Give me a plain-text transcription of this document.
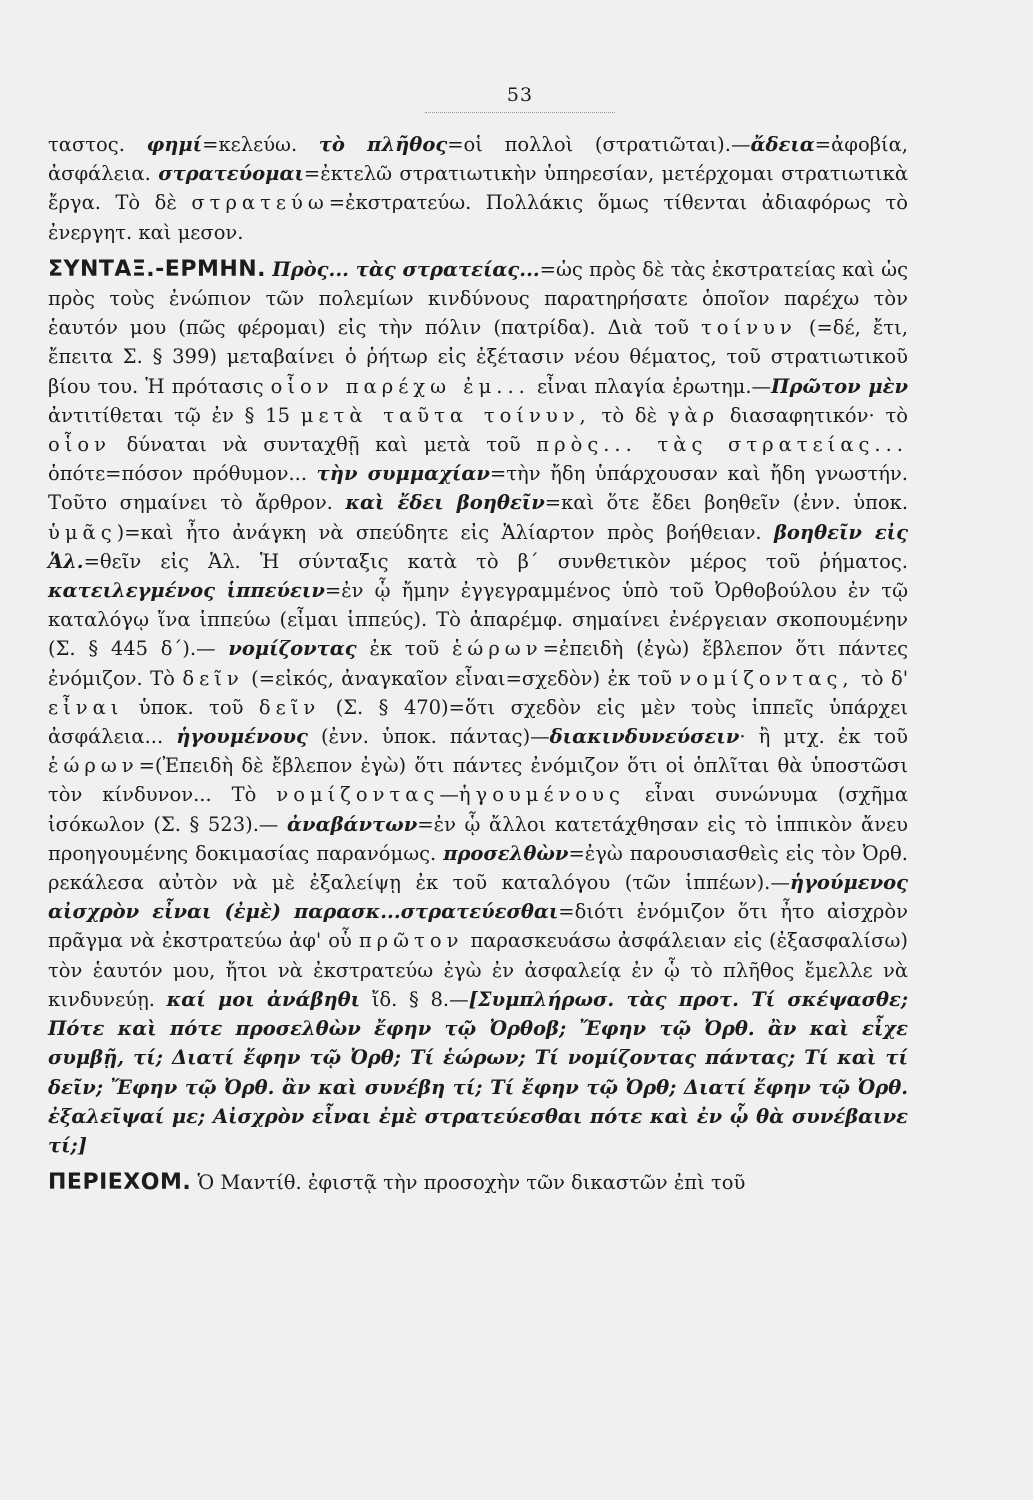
53

ταστος. φημί=κελεύω. τὸ πλῆθος=οἱ πολλοὶ (στρατιῶται).—ἄδεια=ἀφοβία, ἀσφάλεια. στρατεύομαι=ἐκτελῶ στρατιωτικὴν ὑπηρεσίαν, μετέρχομαι στρατιωτικὰ ἔργα. Τὸ δὲ στρατεύω=ἐκστρατεύω. Πολλάκις ὅμως τίθενται ἀδιαφόρως τὸ ἐνεργητ. καὶ μεσον.

ΣΥΝΤΑΞ.-ΕΡΜΗΝ. Πρὸς... τὰς στρατείας...=ὡς πρὸς δὲ τὰς ἐκστρατείας καὶ ὡς πρὸς τοὺς ἐνώπιον τῶν πολεμίων κινδύνους παρατηρήσατε ὁποῖον παρέχω τὸν ἑαυτόν μου (πῶς φέρομαι) εἰς τὴν πόλιν (πατρίδα). Διὰ τοῦ τοίνυν (=δέ, ἔτι, ἔπειτα Σ. § 399) μεταβαίνει ὁ ῥήτωρ εἰς ἐξέτασιν νέου θέματος, τοῦ στρατιωτικοῦ βίου του. Ἡ πρότασις οἷον παρέχω ἐμ... εἶναι πλαγία ἐρωτημ.—Πρῶτον μὲν ἀντιτίθεται τῷ ἐν § 15 μετὰ ταῦτα τοίνυν, τὸ δὲ γὰρ διασαφητικόν· τὸ οἷον δύναται νὰ συνταχθῇ καὶ μετὰ τοῦ πρὸς... τὰς στρατείας... ὁπότε=πόσον πρόθυμον... τὴν συμμαχίαν=τὴν ἤδη ὑπάρχουσαν καὶ ἤδη γνωστήν. Τοῦτο σημαίνει τὸ ἄρθρον. καὶ ἔδει βοηθεῖν=καὶ ὅτε ἔδει βοηθεῖν (ἐνν. ὑποκ. ὑμᾶς)=καὶ ἦτο ἀνάγκη νὰ σπεύδητε εἰς Ἁλίαρτον πρὸς βοήθειαν. βοηθεῖν εἰς Ἁλ.=θεῖν εἰς Ἁλ. Ἡ σύνταξις κατὰ τὸ β΄ συνθετικὸν μέρος τοῦ ῥήματος. κατειλεγμένος ἱππεύειν=ἐν ᾧ ἤμην ἐγγεγραμμένος ὑπὸ τοῦ Ὀρθοβούλου ἐν τῷ καταλόγῳ ἵνα ἱππεύω (εἶμαι ἱππεύς). Τὸ ἀπαρέμφ. σημαίνει ἐνέργειαν σκοπουμένην (Σ. § 445 δ΄).— νομίζοντας ἐκ τοῦ ἑώρων=ἐπειδὴ (ἐγὼ) ἔβλεπον ὅτι πάντες ἐνόμιζον. Τὸ δεῖν (=εἰκός, ἀναγκαῖον εἶναι=σχεδὸν) ἐκ τοῦ νομίζοντας, τὸ δ' εἶναι ὑποκ. τοῦ δεῖν (Σ. § 470)=ὅτι σχεδὸν εἰς μὲν τοὺς ἱππεῖς ὑπάρχει ἀσφάλεια... ἡγουμένους (ἐνν. ὑποκ. πάντας)—διακινδυνεύσειν· ἢ μτχ. ἐκ τοῦ ἑώρων=(Ἐπειδὴ δὲ ἔβλεπον ἐγὼ) ὅτι πάντες ἐνόμιζον ὅτι οἱ ὁπλῖται θὰ ὑποστῶσι τὸν κίνδυνον... Τὸ νομίζοντας—ἡγουμένους εἶναι συνώνυμα (σχῆμα ἰσόκωλον (Σ. § 523).— ἀναβάντων=ἐν ᾧ ἄλλοι κατετάχθησαν εἰς τὸ ἱππικὸν ἄνευ προηγουμένης δοκιμασίας παρανόμως. προσελθὼν=ἐγὼ παρουσιασθεὶς εἰς τὸν Ὀρθ. ρεκάλεσα αὐτὸν νὰ μὲ ἐξαλείψῃ ἐκ τοῦ καταλόγου (τῶν ἱππέων).—ἡγούμενος αἰσχρὸν εἶναι (ἐμὲ) παρασκ...στρατεύεσθαι=διότι ἐνόμιζον ὅτι ἦτο αἰσχρὸν πρᾶγμα νὰ ἐκστρατεύω ἀφ' οὗ πρῶτον παρασκευάσω ἀσφάλειαν εἰς (ἐξασφαλίσω) τὸν ἑαυτόν μου, ἤτοι νὰ ἐκστρατεύω ἐγὼ ἐν ἀσφαλείᾳ ἐν ᾧ τὸ πλῆθος ἔμελλε νὰ κινδυνεύῃ. καί μοι ἀνάβηθι ἴδ. § 8.—[Συμπλήρωσ. τὰς προτ. Τί σκέψασθε; Πότε καὶ πότε προσελθὼν ἔφην τῷ Ὀρθοβ; Ἔφην τῷ Ὀρθ. ἂν καὶ εἶχε συμβῇ, τί; Διατί ἔφην τῷ Ὀρθ; Τί ἑώρων; Τί νομίζοντας πάντας; Τί καὶ τί δεῖν; Ἔφην τῷ Ὀρθ. ἂν καὶ συνέβη τί; Τί ἔφην τῷ Ὀρθ; Διατί ἔφην τῷ Ὀρθ. ἐξαλεῖψαί με; Αἰσχρὸν εἶναι ἐμὲ στρατεύεσθαι πότε καὶ ἐν ᾧ θὰ συνέβαινε τί;]

ΠΕΡΙΕΧΟΜ. Ὁ Μαντίθ. ἐφιστᾷ τὴν προσοχὴν τῶν δικαστῶν ἐπὶ τοῦ
